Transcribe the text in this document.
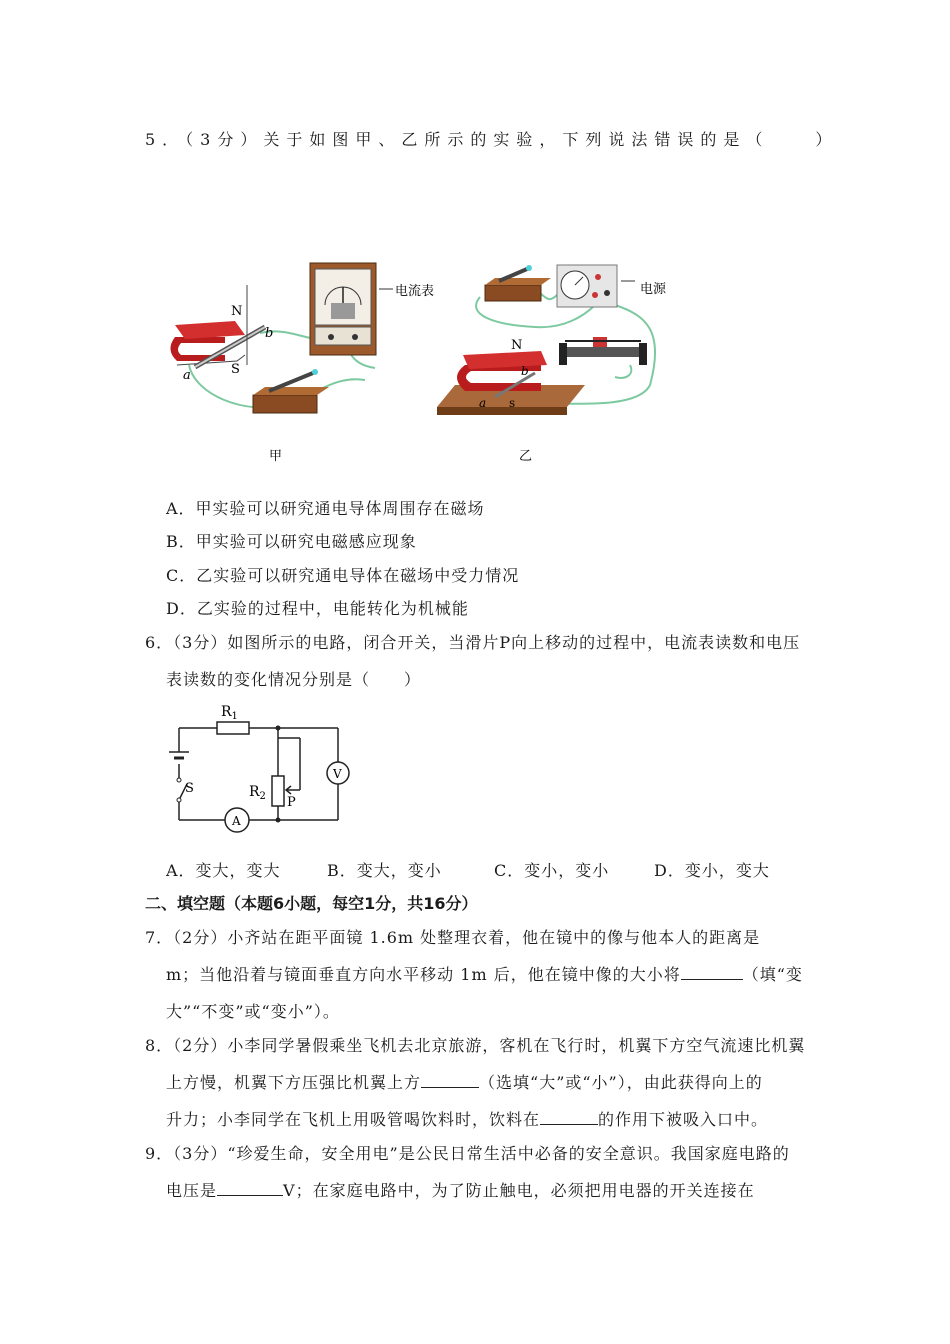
5．（3分）关于如图甲、乙所示的实验，下列说法错误的是（　　）
N
S
a
b
电流表
甲
电源
N
b
a s
乙
A．甲实验可以研究通电导体周围存在磁场
B．甲实验可以研究电磁感应现象
C．乙实验可以研究通电导体在磁场中受力情况
D．乙实验的过程中，电能转化为机械能
6．（3分）如图所示的电路，闭合开关，当滑片P向上移动的过程中，电流表读数和电压
表读数的变化情况分别是（　　）
$R_1$
S	$R_2$ P
V
A
A．变大，变大	B．变大，变小	C．变小，变小	D．变小，变大
二、填空题（本题6小题，每空1分，共16分）
7．（2分）小齐站在距平面镜 1.6m 处整理衣着，他在镜中的像与他本人的距离是
m；当他沿着与镜面垂直方向水平移动 1m 后，他在镜中像的大小将	（填“变
大”“不变”或“变小”）。
8．（2分）小李同学暑假乘坐飞机去北京旅游，客机在飞行时，机翼下方空气流速比机翼
上方慢，机翼下方压强比机翼上方	（选填“大”或“小”），由此获得向上的
升力；小李同学在飞机上用吸管喝饮料时，饮料在	的作用下被吸入口中。
9．（3分）“珍爱生命，安全用电”是公民日常生活中必备的安全意识。我国家庭电路的
电压是	V；在家庭电路中，为了防止触电，必须把用电器的开关连接在
